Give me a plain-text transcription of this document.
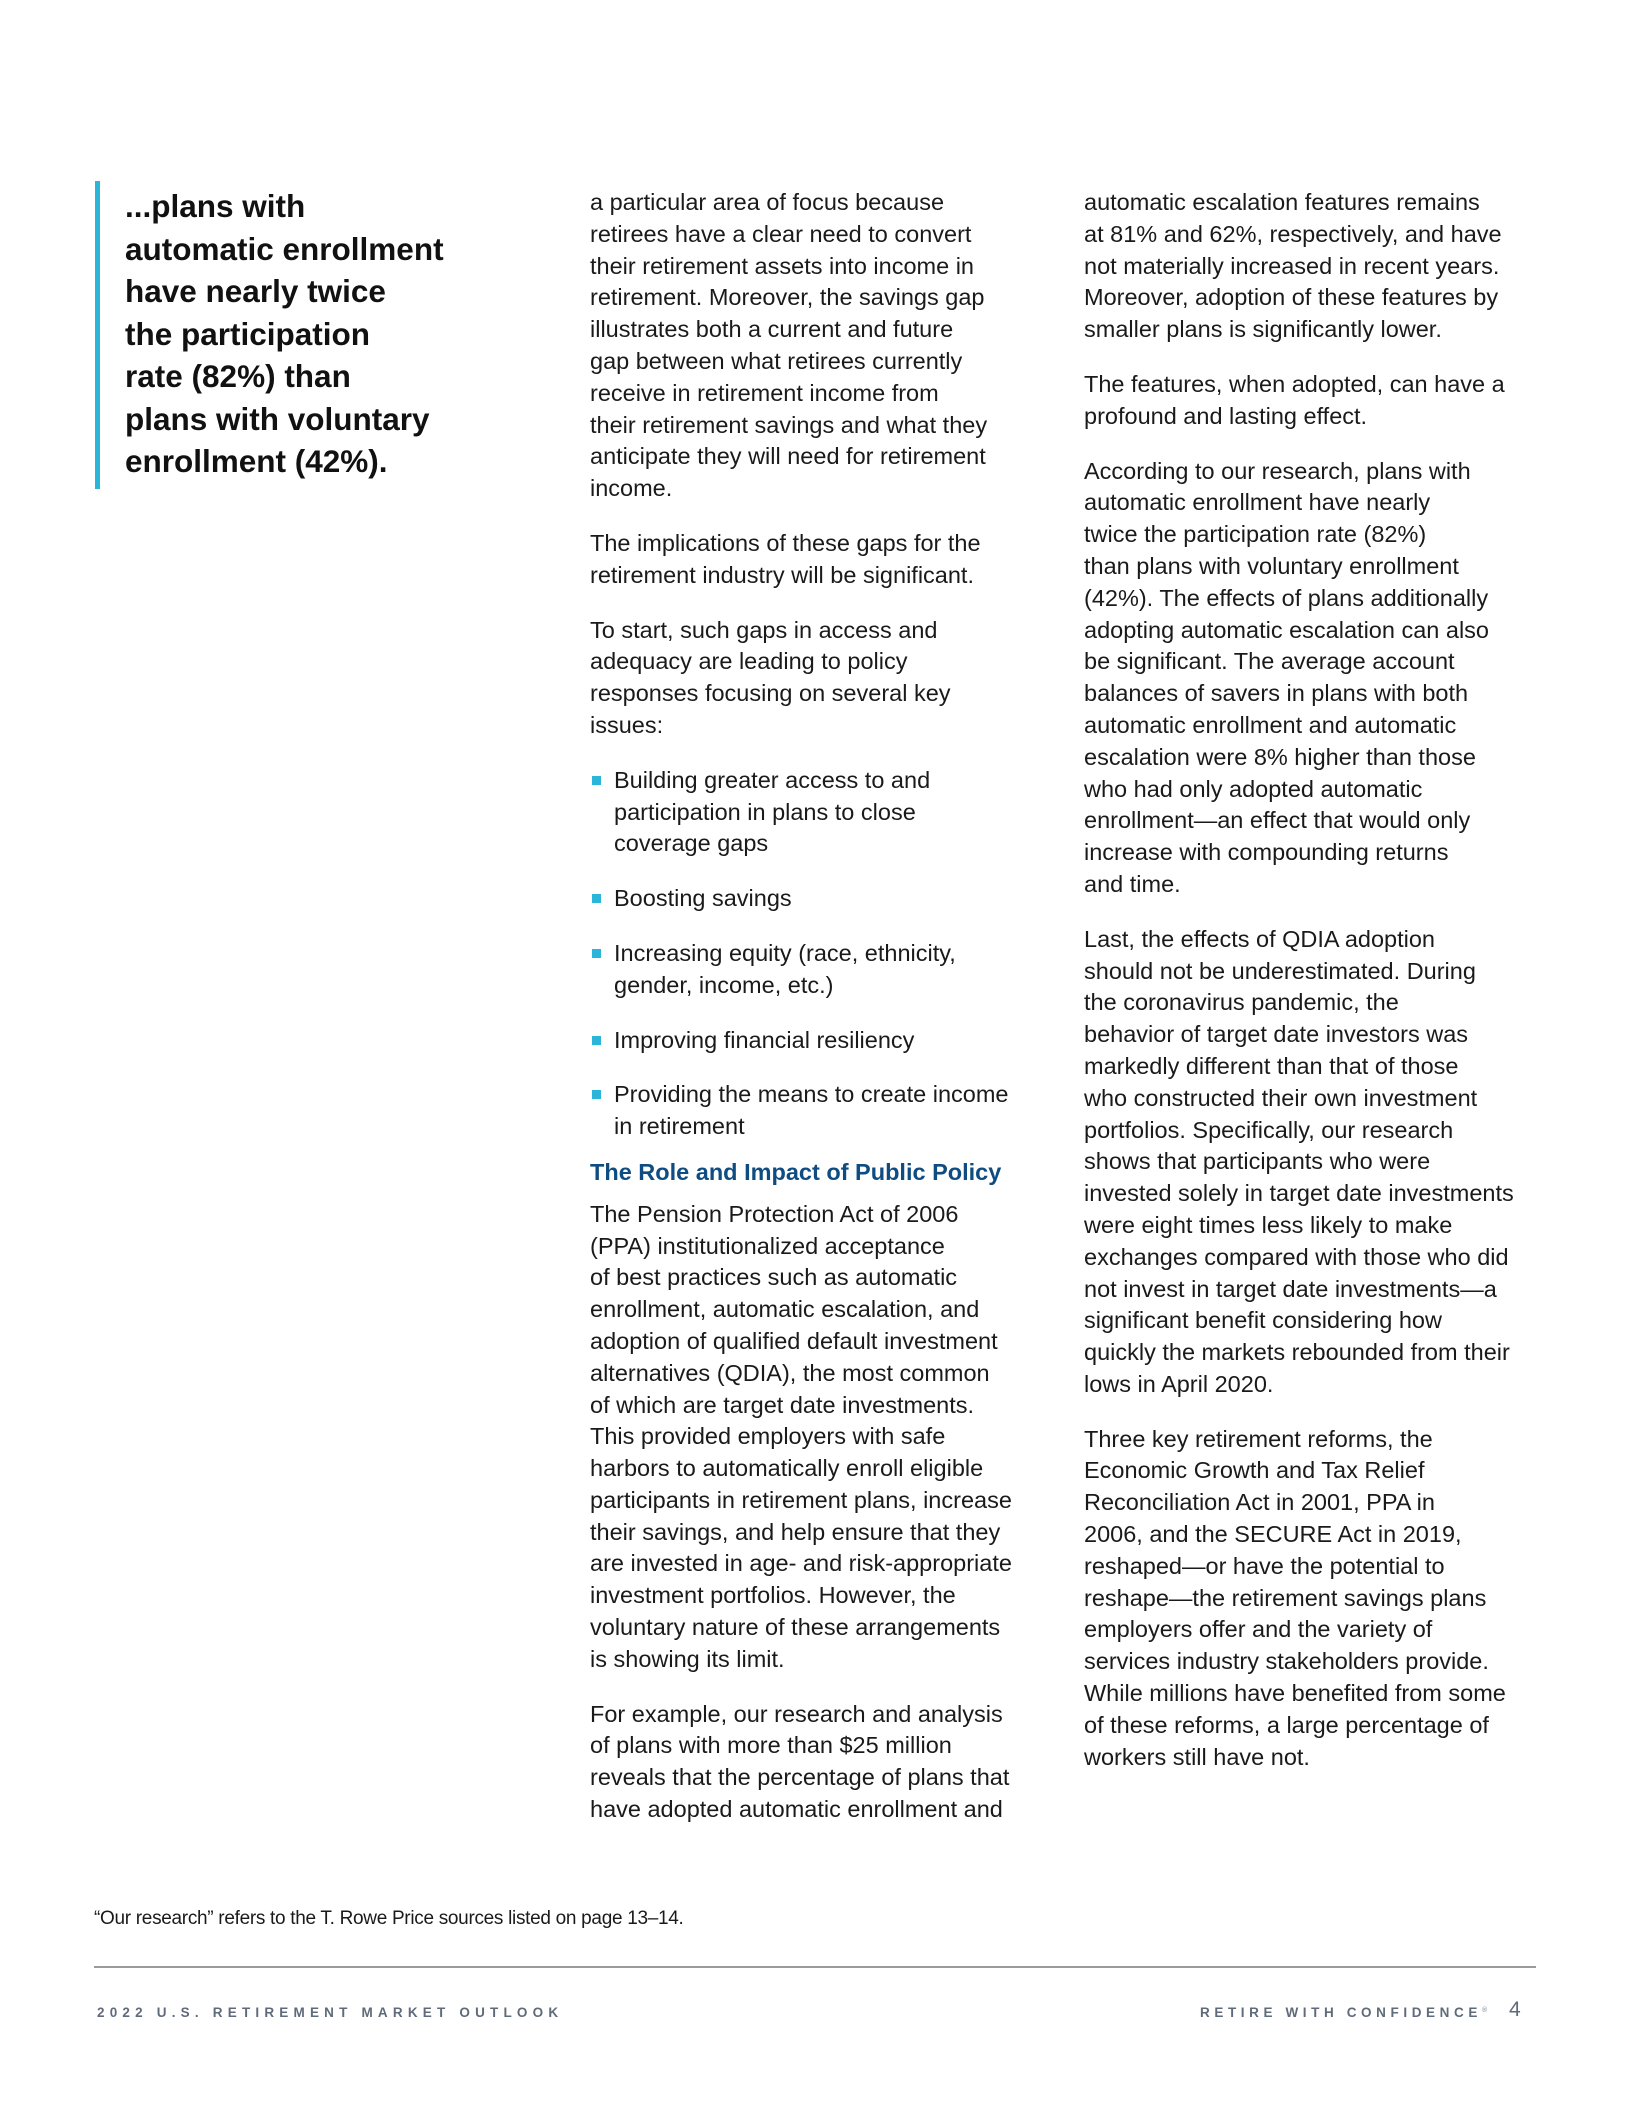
...plans with
automatic enrollment
have nearly twice
the participation
rate (82%) than
plans with voluntary
enrollment (42%).

a particular area of focus because
retirees have a clear need to convert
their retirement assets into income in
retirement. Moreover, the savings gap
illustrates both a current and future
gap between what retirees currently
receive in retirement income from
their retirement savings and what they
anticipate they will need for retirement
income.

The implications of these gaps for the
retirement industry will be significant.

To start, such gaps in access and
adequacy are leading to policy
responses focusing on several key
issues:

Building greater access to and
participation in plans to close
coverage gaps
Boosting savings
Increasing equity (race, ethnicity,
gender, income, etc.)
Improving financial resiliency
Providing the means to create income
in retirement
The Role and Impact of Public Policy

The Pension Protection Act of 2006
(PPA) institutionalized acceptance
of best practices such as automatic
enrollment, automatic escalation, and
adoption of qualified default investment
alternatives (QDIA), the most common
of which are target date investments.
This provided employers with safe
harbors to automatically enroll eligible
participants in retirement plans, increase
their savings, and help ensure that they
are invested in age- and risk-appropriate
investment portfolios. However, the
voluntary nature of these arrangements
is showing its limit.

For example, our research and analysis
of plans with more than $25 million
reveals that the percentage of plans that
have adopted automatic enrollment and

automatic escalation features remains
at 81% and 62%, respectively, and have
not materially increased in recent years.
Moreover, adoption of these features by
smaller plans is significantly lower.

The features, when adopted, can have a
profound and lasting effect.

According to our research, plans with
automatic enrollment have nearly
twice the participation rate (82%)
than plans with voluntary enrollment
(42%). The effects of plans additionally
adopting automatic escalation can also
be significant. The average account
balances of savers in plans with both
automatic enrollment and automatic
escalation were 8% higher than those
who had only adopted automatic
enrollment—an effect that would only
increase with compounding returns
and time.

Last, the effects of QDIA adoption
should not be underestimated. During
the coronavirus pandemic, the
behavior of target date investors was
markedly different than that of those
who constructed their own investment
portfolios. Specifically, our research
shows that participants who were
invested solely in target date investments
were eight times less likely to make
exchanges compared with those who did
not invest in target date investments—a
significant benefit considering how
quickly the markets rebounded from their
lows in April 2020.

Three key retirement reforms, the
Economic Growth and Tax Relief
Reconciliation Act in 2001, PPA in
2006, and the SECURE Act in 2019,
reshaped—or have the potential to
reshape—the retirement savings plans
employers offer and the variety of
services industry stakeholders provide.
While millions have benefited from some
of these reforms, a large percentage of
workers still have not.

“Our research” refers to the T. Rowe Price sources listed on page 13–14.
2022 U.S. RETIREMENT MARKET OUTLOOK	RETIRE WITH CONFIDENCE® 4
